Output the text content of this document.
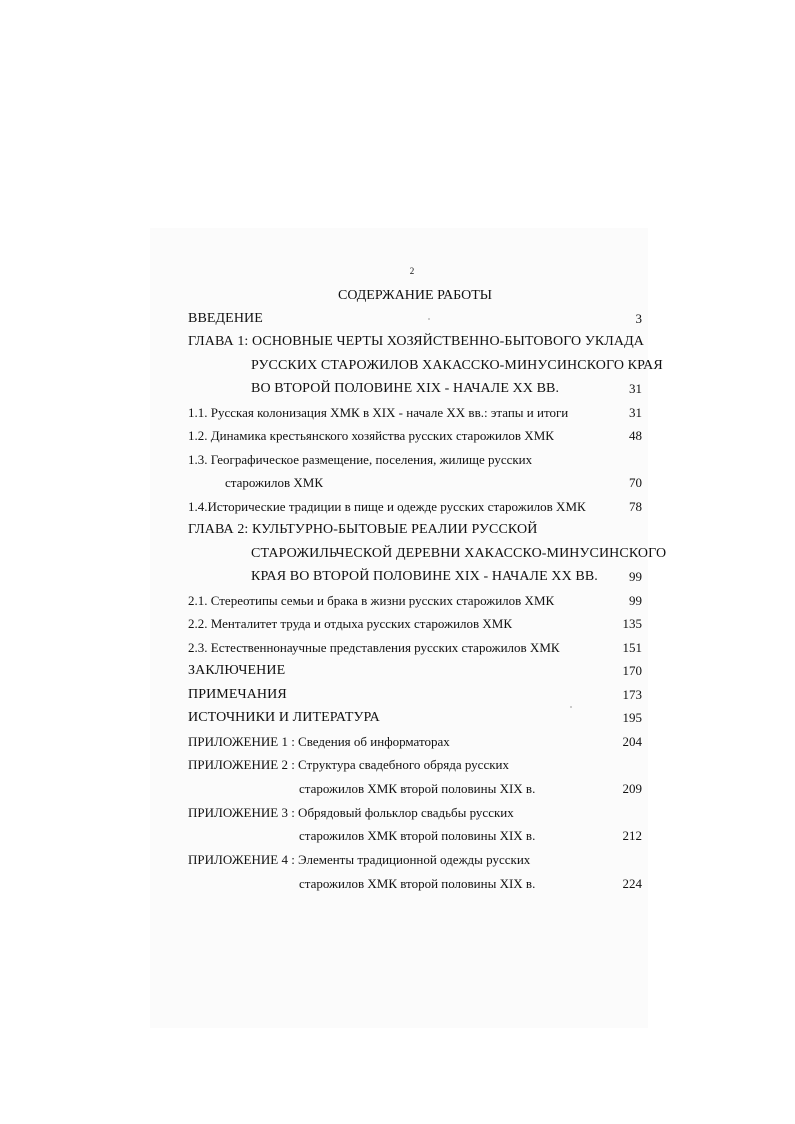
2
СОДЕРЖАНИЕ РАБОТЫ
ВВЕДЕНИЕ	3
ГЛАВА 1: ОСНОВНЫЕ ЧЕРТЫ ХОЗЯЙСТВЕННО-БЫТОВОГО УКЛАДА
РУССКИХ СТАРОЖИЛОВ ХАКАССКО-МИНУСИНСКОГО КРАЯ
ВО ВТОРОЙ ПОЛОВИНЕ XIX - НАЧАЛЕ XX ВВ.	31
1.1. Русская колонизация ХМК в XIX - начале XX вв.: этапы и итоги	31
1.2. Динамика крестьянского хозяйства русских старожилов ХМК	48
1.3. Географическое размещение, поселения, жилище русских
старожилов ХМК	70
1.4.Исторические традиции в пище и одежде русских старожилов ХМК	78
ГЛАВА 2: КУЛЬТУРНО-БЫТОВЫЕ РЕАЛИИ РУССКОЙ
СТАРОЖИЛЬЧЕСКОЙ ДЕРЕВНИ ХАКАССКО-МИНУСИНСКОГО
КРАЯ ВО ВТОРОЙ ПОЛОВИНЕ XIX - НАЧАЛЕ XX ВВ.	99
2.1. Стереотипы семьи и брака в жизни русских старожилов ХМК	99
2.2. Менталитет труда и отдыха русских старожилов ХМК	135
2.3. Естественнонаучные представления русских старожилов ХМК	151
ЗАКЛЮЧЕНИЕ	170
ПРИМЕЧАНИЯ	173
ИСТОЧНИКИ И ЛИТЕРАТУРА	195
ПРИЛОЖЕНИЕ 1 : Сведения об информаторах	204
ПРИЛОЖЕНИЕ 2 : Структура свадебного обряда русских
старожилов ХМК второй половины XIX в.	209
ПРИЛОЖЕНИЕ 3 : Обрядовый фольклор свадьбы русских
старожилов ХМК второй половины XIX в.	212
ПРИЛОЖЕНИЕ 4 : Элементы традиционной одежды русских
старожилов ХМК второй половины XIX в.	224
